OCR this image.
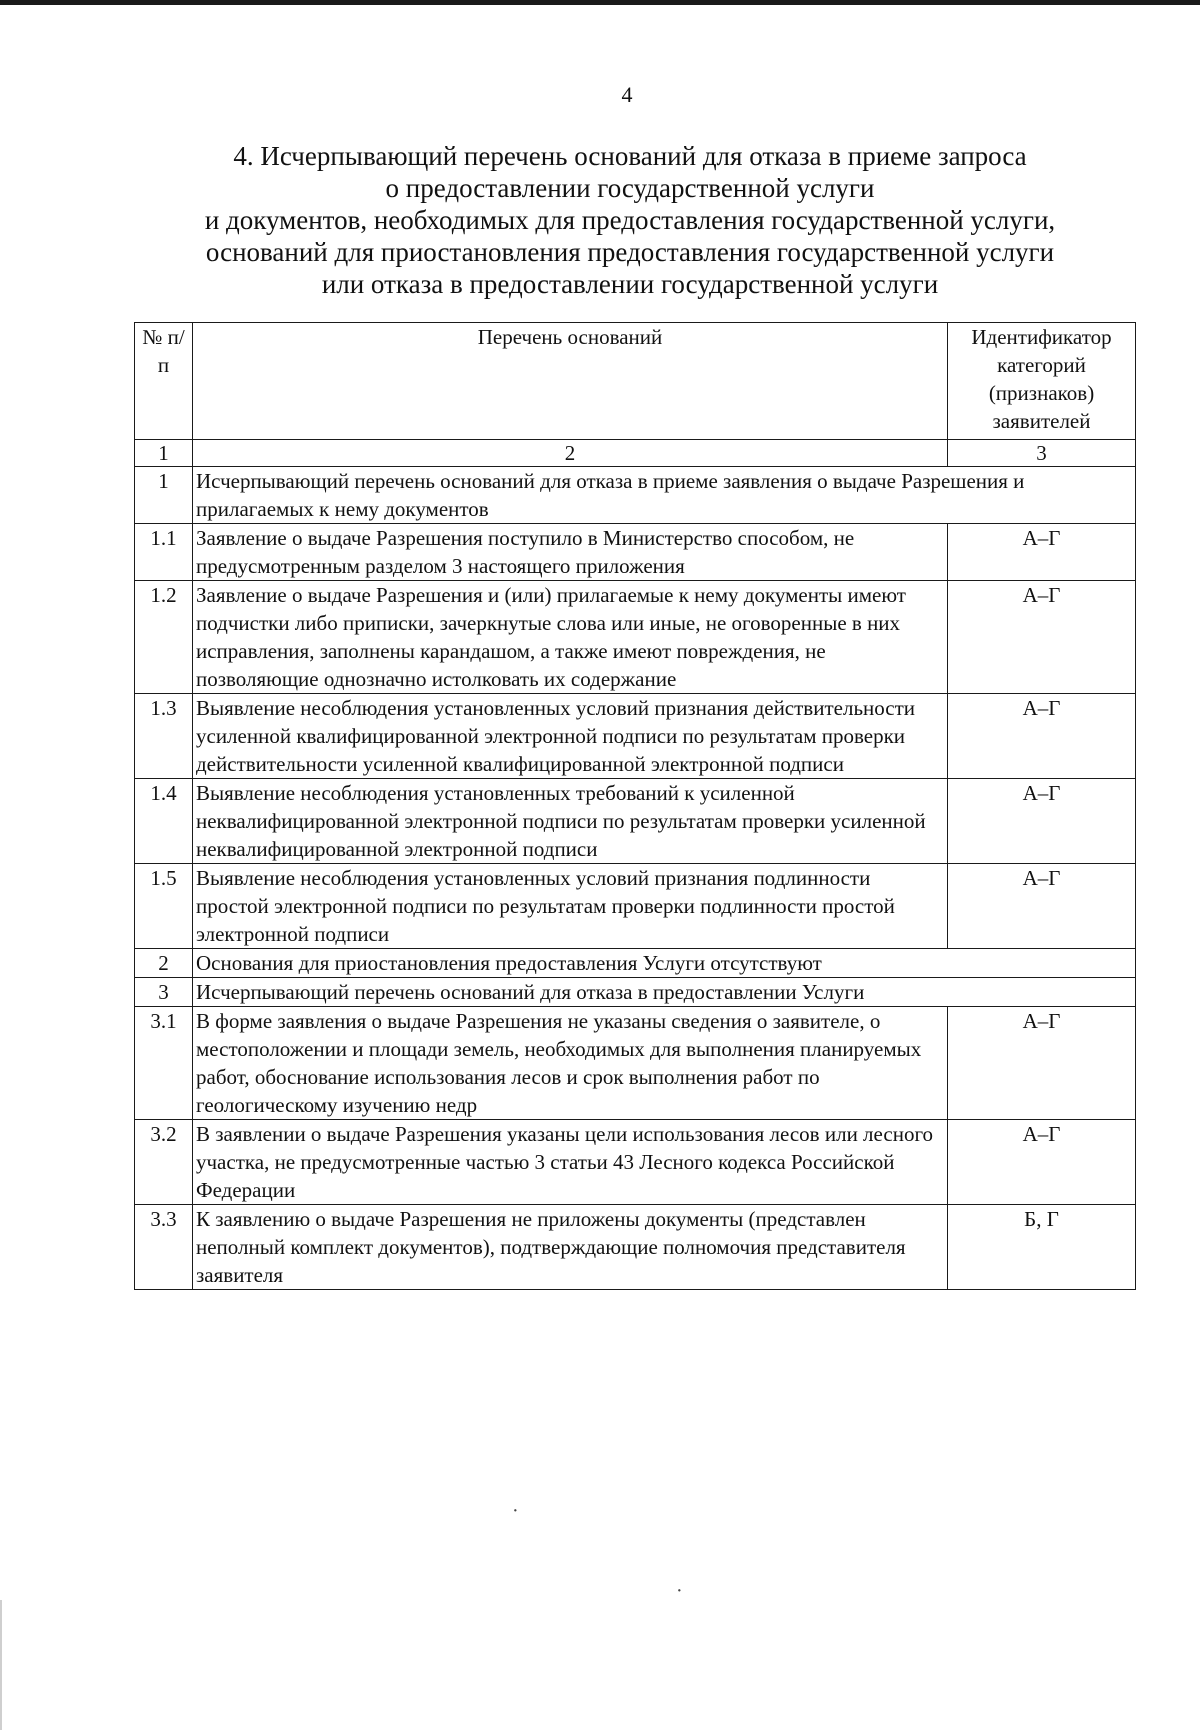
4
4. Исчерпывающий перечень оснований для отказа в приеме запроса
о предоставлении государственной услуги
и документов, необходимых для предоставления государственной услуги,
оснований для приостановления предоставления государственной услуги
или отказа в предоставлении государственной услуги
№ п/п	Перечень оснований	Идентификатор категорий (признаков) заявителей
1	2	3
1	Исчерпывающий перечень оснований для отказа в приеме заявления о выдаче Разрешения и прилагаемых к нему документов	
1.1	Заявление о выдаче Разрешения поступило в Министерство способом, не предусмотренным разделом 3 настоящего приложения	А–Г
1.2	Заявление о выдаче Разрешения и (или) прилагаемые к нему документы имеют подчистки либо приписки, зачеркнутые слова или иные, не оговоренные в них исправления, заполнены карандашом, а также имеют повреждения, не позволяющие однозначно истолковать их содержание	А–Г
1.3	Выявление несоблюдения установленных условий признания действительности усиленной квалифицированной электронной подписи по результатам проверки действительности усиленной квалифицированной электронной подписи	А–Г
1.4	Выявление несоблюдения установленных требований к усиленной неквалифицированной электронной подписи по результатам проверки усиленной неквалифицированной электронной подписи	А–Г
1.5	Выявление несоблюдения установленных условий признания подлинности простой электронной подписи по результатам проверки подлинности простой электронной подписи	А–Г
2	Основания для приостановления предоставления Услуги отсутствуют	
3	Исчерпывающий перечень оснований для отказа в предоставлении Услуги	
3.1	В форме заявления о выдаче Разрешения не указаны сведения о заявителе, о местоположении и площади земель, необходимых для выполнения планируемых работ, обоснование использования лесов и срок выполнения работ по геологическому изучению недр	А–Г
3.2	В заявлении о выдаче Разрешения указаны цели использования лесов или лесного участка, не предусмотренные частью 3 статьи 43 Лесного кодекса Российской Федерации	А–Г
3.3	К заявлению о выдаче Разрешения не приложены документы (представлен неполный комплект документов), подтверждающие полномочия представителя заявителя	Б, Г
·
·
